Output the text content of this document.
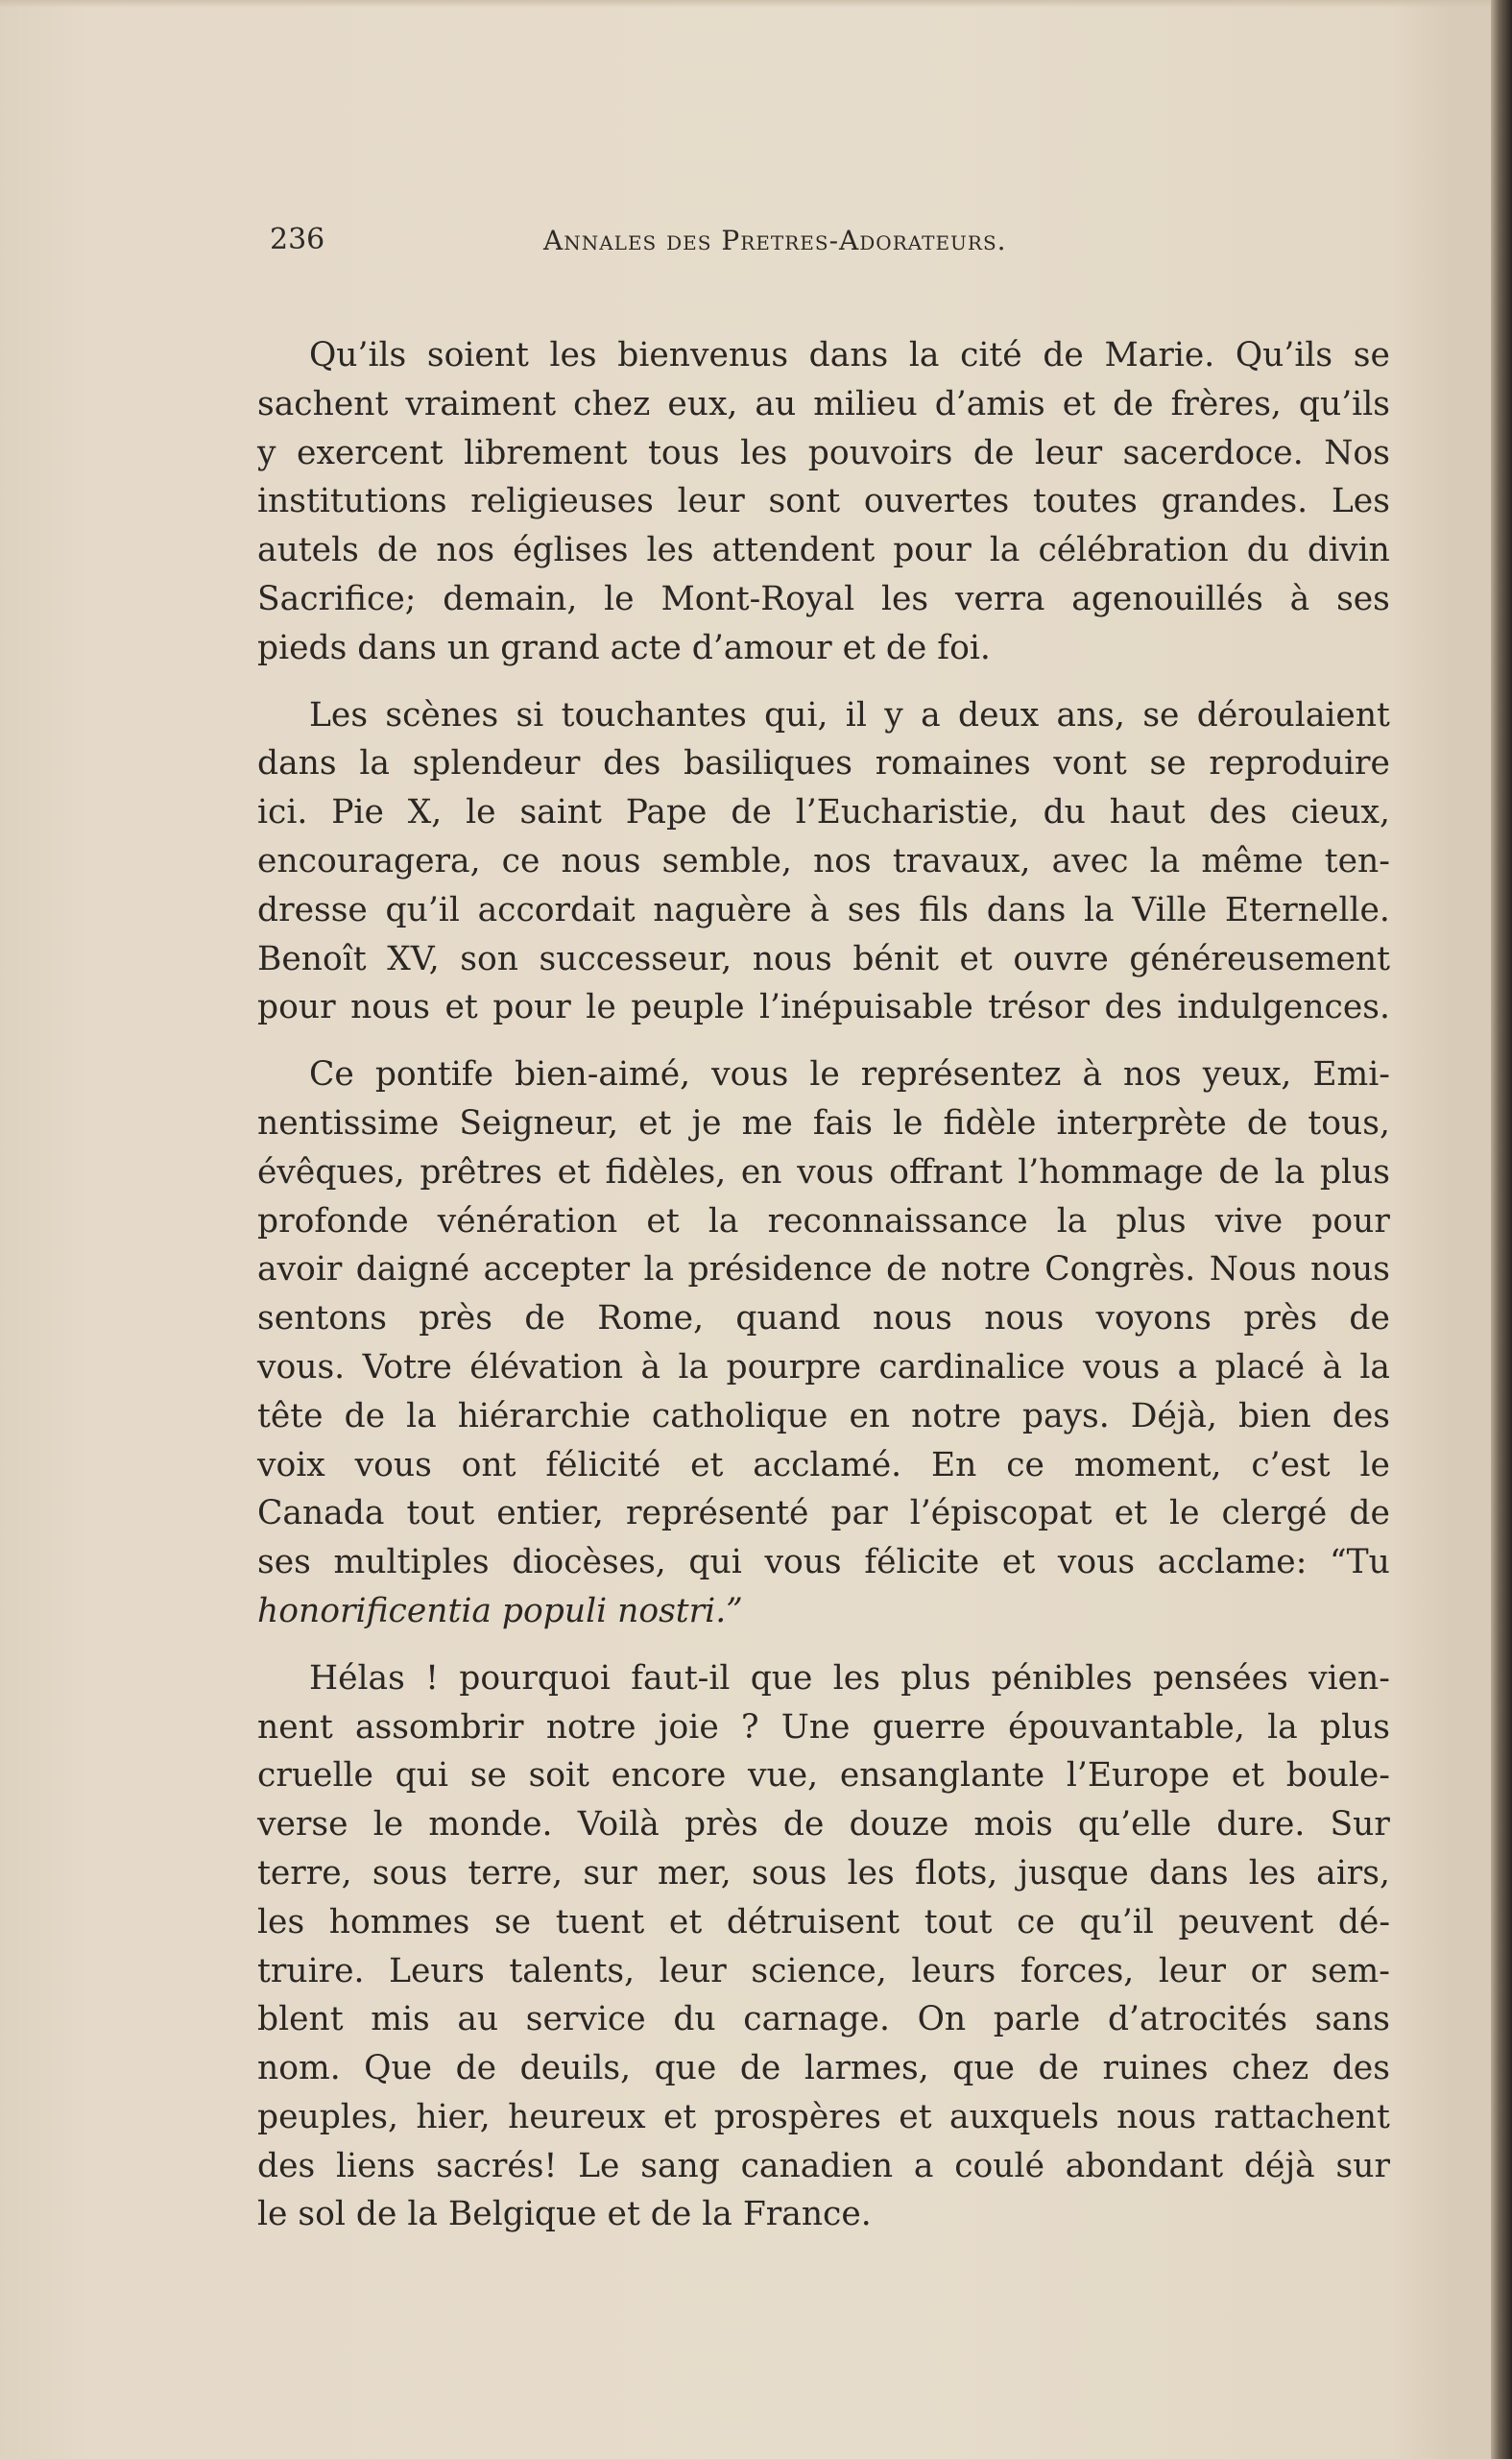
236	Annales des Pretres-Adorateurs.
Qu’ils soient les bienvenus dans la cité de Marie. Qu’ils se
sachent vraiment chez eux, au milieu d’amis et de frères, qu’ils
y exercent librement tous les pouvoirs de leur sacerdoce. Nos
institutions religieuses leur sont ouvertes toutes grandes. Les
autels de nos églises les attendent pour la célébration du divin
Sacrifice; demain, le Mont-Royal les verra agenouillés à ses
pieds dans un grand acte d’amour et de foi.
Les scènes si touchantes qui, il y a deux ans, se déroulaient
dans la splendeur des basiliques romaines vont se reproduire
ici. Pie X, le saint Pape de l’Eucharistie, du haut des cieux,
encouragera, ce nous semble, nos travaux, avec la même ten-
dresse qu’il accordait naguère à ses fils dans la Ville Eternelle.
Benoît XV, son successeur, nous bénit et ouvre généreusement
pour nous et pour le peuple l’inépuisable trésor des indulgences.
Ce pontife bien-aimé, vous le représentez à nos yeux, Emi-
nentissime Seigneur, et je me fais le fidèle interprète de tous,
évêques, prêtres et fidèles, en vous offrant l’hommage de la plus
profonde vénération et la reconnaissance la plus vive pour
avoir daigné accepter la présidence de notre Congrès. Nous nous
sentons près de Rome, quand nous nous voyons près de
vous. Votre élévation à la pourpre cardinalice vous a placé à la
tête de la hiérarchie catholique en notre pays. Déjà, bien des
voix vous ont félicité et acclamé. En ce moment, c’est le
Canada tout entier, représenté par l’épiscopat et le clergé de
ses multiples diocèses, qui vous félicite et vous acclame: “Tu
honorificentia populi nostri.”
Hélas ! pourquoi faut-il que les plus pénibles pensées vien-
nent assombrir notre joie ? Une guerre épouvantable, la plus
cruelle qui se soit encore vue, ensanglante l’Europe et boule-
verse le monde. Voilà près de douze mois qu’elle dure. Sur
terre, sous terre, sur mer, sous les flots, jusque dans les airs,
les hommes se tuent et détruisent tout ce qu’il peuvent dé-
truire. Leurs talents, leur science, leurs forces, leur or sem-
blent mis au service du carnage. On parle d’atrocités sans
nom. Que de deuils, que de larmes, que de ruines chez des
peuples, hier, heureux et prospères et auxquels nous rattachent
des liens sacrés! Le sang canadien a coulé abondant déjà sur
le sol de la Belgique et de la France.
